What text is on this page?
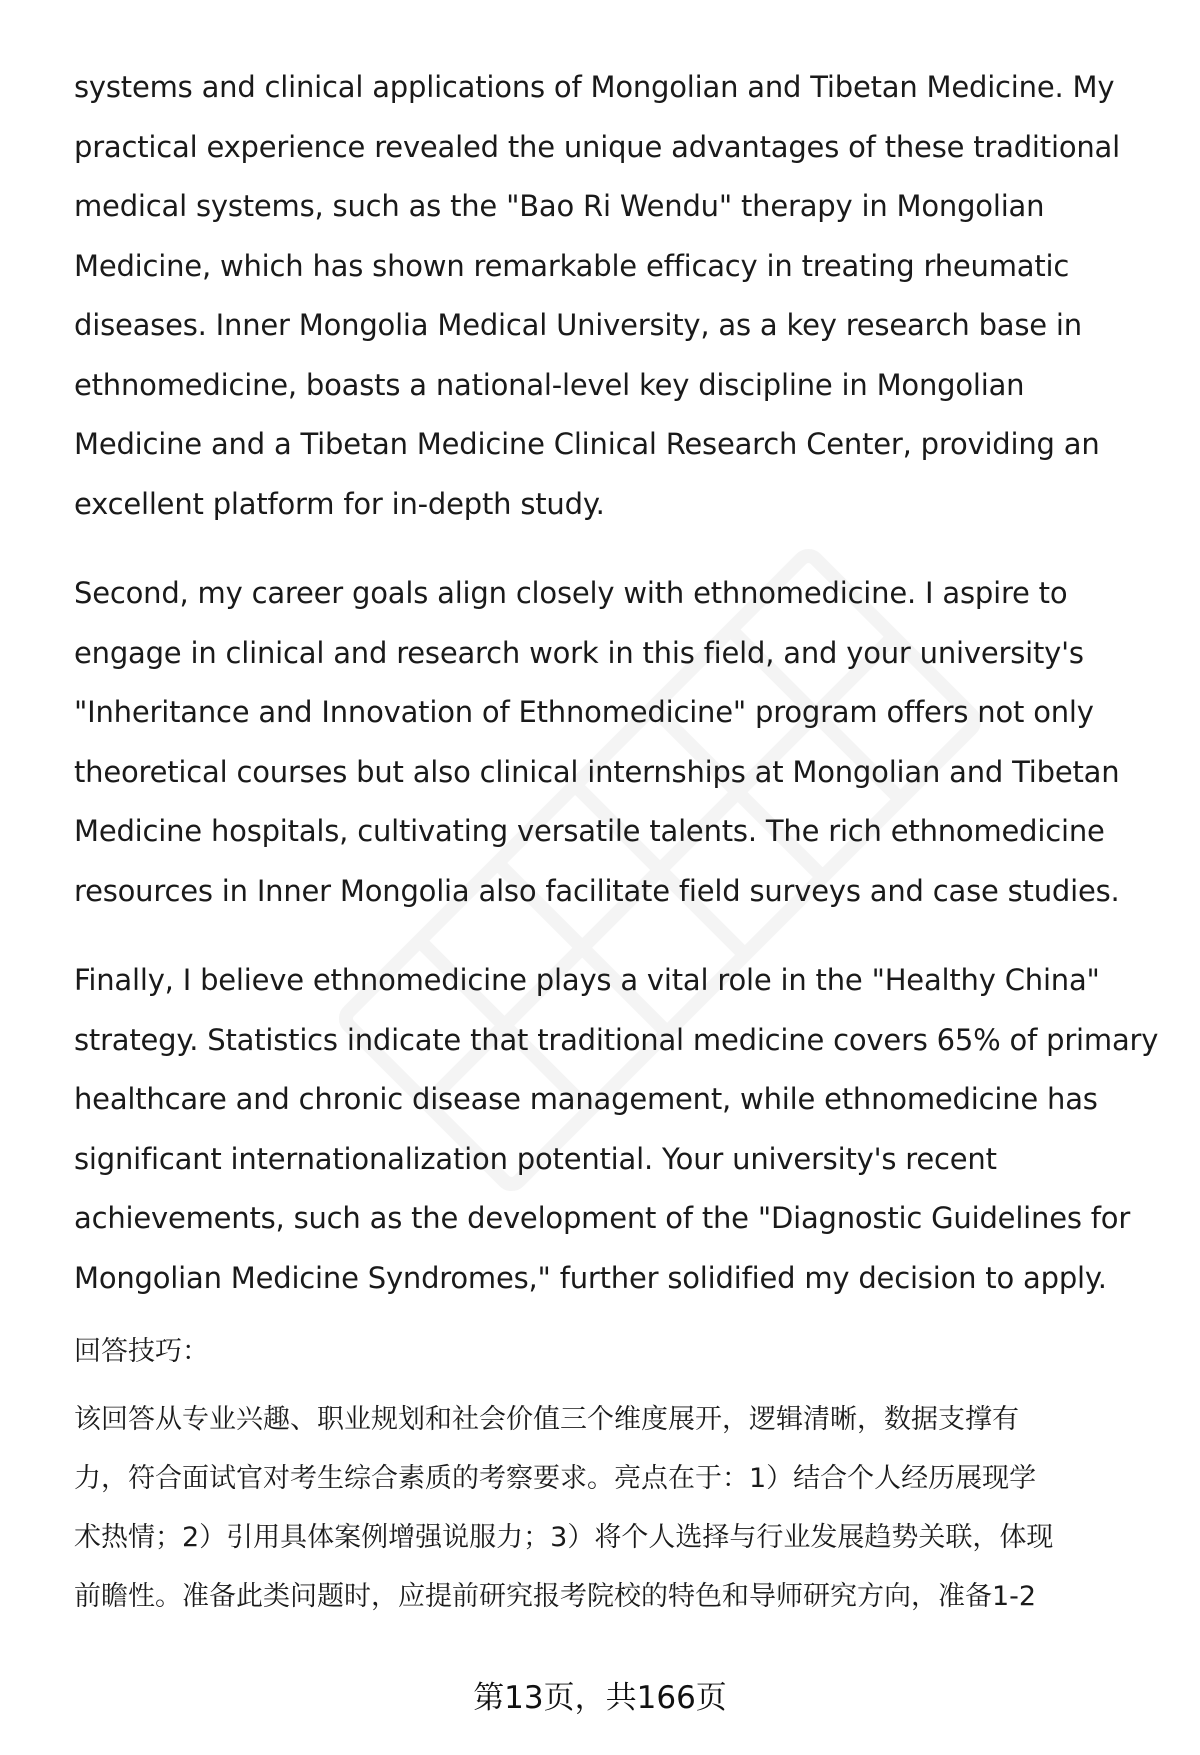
systems and clinical applications of Mongolian and Tibetan Medicine. My
practical experience revealed the unique advantages of these traditional
medical systems, such as the "Bao Ri Wendu" therapy in Mongolian
Medicine, which has shown remarkable efficacy in treating rheumatic
diseases. Inner Mongolia Medical University, as a key research base in
ethnomedicine, boasts a national-level key discipline in Mongolian
Medicine and a Tibetan Medicine Clinical Research Center, providing an
excellent platform for in-depth study.

Second, my career goals align closely with ethnomedicine. I aspire to
engage in clinical and research work in this field, and your university's
"Inheritance and Innovation of Ethnomedicine" program offers not only
theoretical courses but also clinical internships at Mongolian and Tibetan
Medicine hospitals, cultivating versatile talents. The rich ethnomedicine
resources in Inner Mongolia also facilitate field surveys and case studies.

Finally, I believe ethnomedicine plays a vital role in the "Healthy China"
strategy. Statistics indicate that traditional medicine covers 65% of primary
healthcare and chronic disease management, while ethnomedicine has
significant internationalization potential. Your university's recent
achievements, such as the development of the "Diagnostic Guidelines for
Mongolian Medicine Syndromes," further solidified my decision to apply.

回答技巧：

该回答从专业兴趣、职业规划和社会价值三个维度展开，逻辑清晰，数据支撑有
力，符合面试官对考生综合素质的考察要求。亮点在于：1）结合个人经历展现学
术热情；2）引用具体案例增强说服力；3）将个人选择与行业发展趋势关联，体现
前瞻性。准备此类问题时，应提前研究报考院校的特色和导师研究方向，准备1-2

第13页，共166页
